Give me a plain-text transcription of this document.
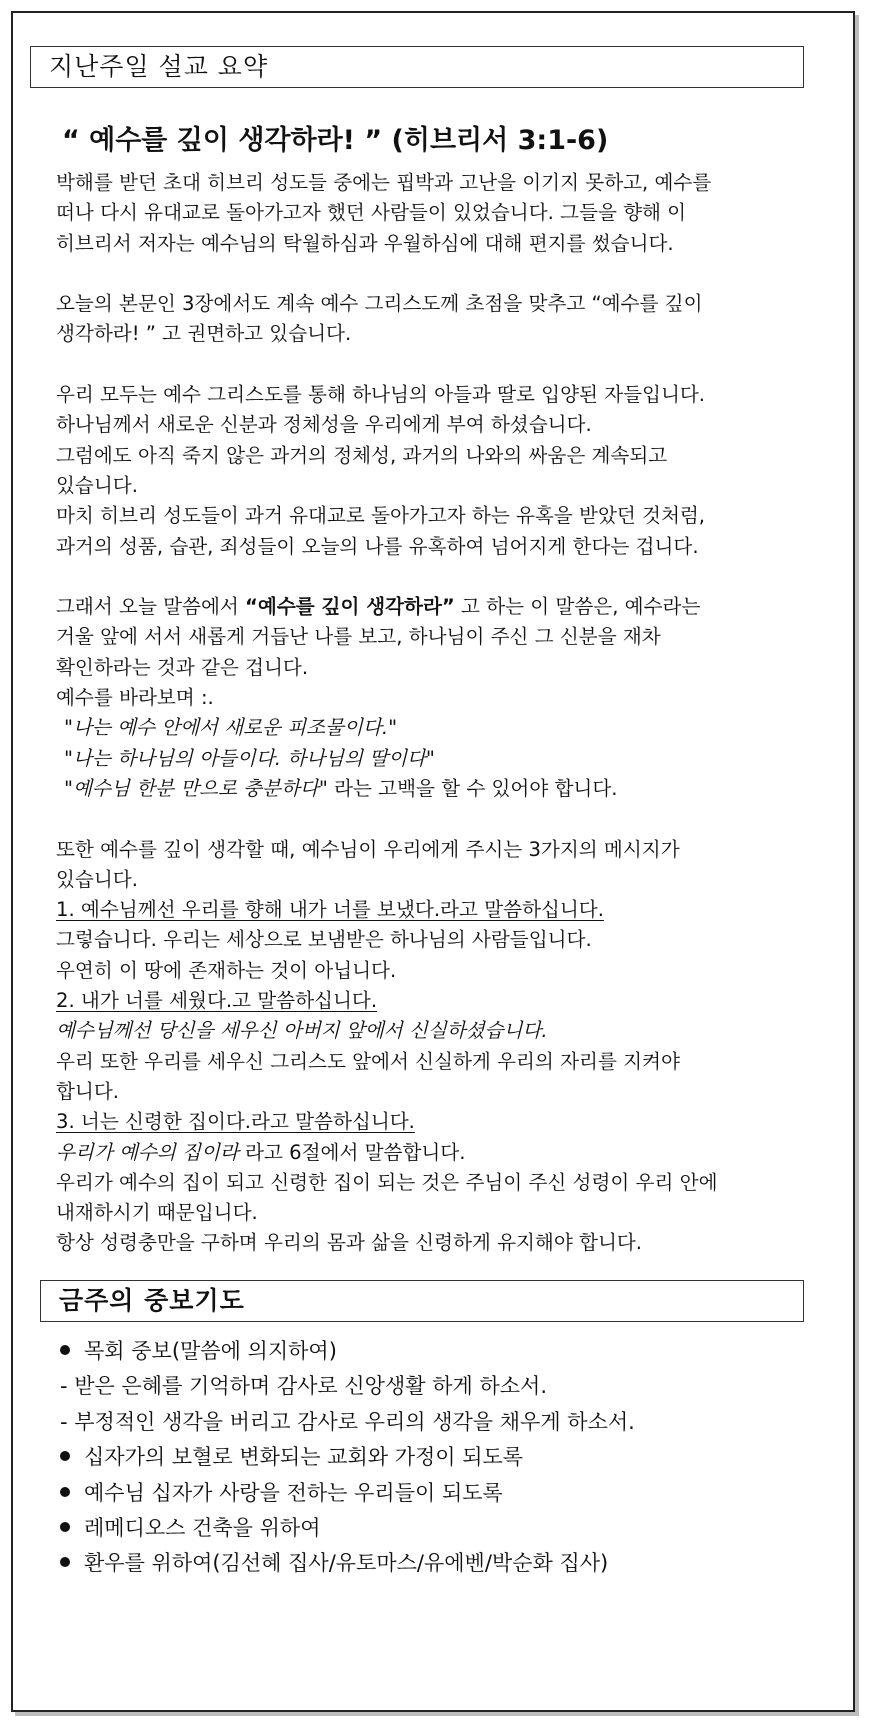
지난주일 설교 요약
“ 예수를 깊이 생각하라! ” (히브리서 3:1-6)
박해를 받던 초대 히브리 성도들 중에는 핍박과 고난을 이기지 못하고, 예수를
떠나 다시 유대교로 돌아가고자 했던 사람들이 있었습니다. 그들을 향해 이
히브리서 저자는 예수님의 탁월하심과 우월하심에 대해 편지를 썼습니다.
오늘의 본문인 3장에서도 계속 예수 그리스도께 초점을 맞추고 “예수를 깊이
생각하라! ” 고 권면하고 있습니다.
우리 모두는 예수 그리스도를 통해 하나님의 아들과 딸로 입양된 자들입니다.
하나님께서 새로운 신분과 정체성을 우리에게 부여 하셨습니다.
그럼에도 아직 죽지 않은 과거의 정체성, 과거의 나와의 싸움은 계속되고
있습니다.
마치 히브리 성도들이 과거 유대교로 돌아가고자 하는 유혹을 받았던 것처럼,
과거의 성품, 습관, 죄성들이 오늘의 나를 유혹하여 넘어지게 한다는 겁니다.
그래서 오늘 말씀에서 “예수를 깊이 생각하라” 고 하는 이 말씀은, 예수라는
거울 앞에 서서 새롭게 거듭난 나를 보고, 하나님이 주신 그 신분을 재차
확인하라는 것과 같은 겁니다.
예수를 바라보며 :.
"나는 예수 안에서 새로운 피조물이다."
"나는 하나님의 아들이다. 하나님의 딸이다"
"예수님 한분 만으로 충분하다" 라는 고백을 할 수 있어야 합니다.
또한 예수를 깊이 생각할 때, 예수님이 우리에게 주시는 3가지의 메시지가
있습니다.
1. 예수님께선 우리를 향해 내가 너를 보냈다.라고 말씀하십니다.
그렇습니다. 우리는 세상으로 보냄받은 하나님의 사람들입니다.
우연히 이 땅에 존재하는 것이 아닙니다.
2. 내가 너를 세웠다.고 말씀하십니다.
예수님께선 당신을 세우신 아버지 앞에서 신실하셨습니다.
우리 또한 우리를 세우신 그리스도 앞에서 신실하게 우리의 자리를 지켜야
합니다.
3. 너는 신령한 집이다.라고 말씀하십니다.
우리가 예수의 집이라 라고 6절에서 말씀합니다.
우리가 예수의 집이 되고 신령한 집이 되는 것은 주님이 주신 성령이 우리 안에
내재하시기 때문입니다.
항상 성령충만을 구하며 우리의 몸과 삶을 신령하게 유지해야 합니다.
금주의 중보기도
목회 중보(말씀에 의지하여)
- 받은 은혜를 기억하며 감사로 신앙생활 하게 하소서.
- 부정적인 생각을 버리고 감사로 우리의 생각을 채우게 하소서.
십자가의 보혈로 변화되는 교회와 가정이 되도록
예수님 십자가 사랑을 전하는 우리들이 되도록
레메디오스 건축을 위하여
환우를 위하여(김선혜 집사/유토마스/유에벤/박순화 집사)
